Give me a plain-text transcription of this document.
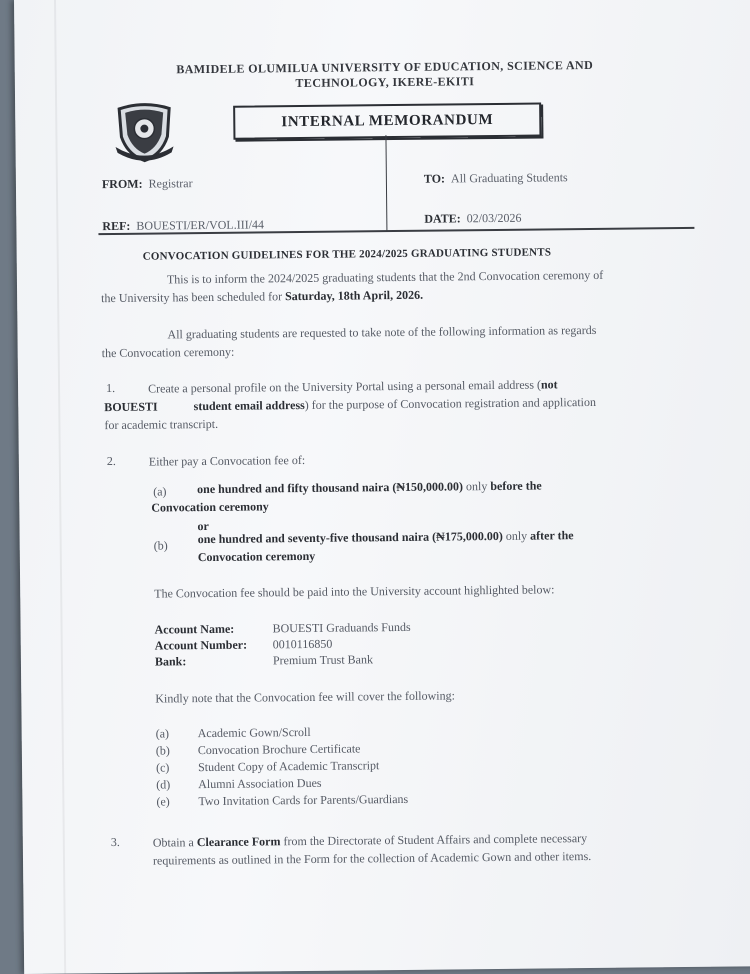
BAMIDELE OLUMILUA UNIVERSITY OF EDUCATION, SCIENCE AND
TECHNOLOGY, IKERE-EKITI
INTERNAL MEMORANDUM
FROM: Registrar	TO: All Graduating Students
REF: BOUESTI/ER/VOL.III/44	DATE: 02/03/2026
CONVOCATION GUIDELINES FOR THE 2024/2025 GRADUATING STUDENTS
This is to inform the 2024/2025 graduating students that the 2nd Convocation ceremony of
the University has been scheduled for Saturday, 18th April, 2026.
All graduating students are requested to take note of the following information as regards
the Convocation ceremony:
1.	Create a personal profile on the University Portal using a personal email address (not
BOUESTI	student email address) for the purpose of Convocation registration and application
for academic transcript.
2.	Either pay a Convocation fee of:
(a)	one hundred and fifty thousand naira (₦150,000.00) only before the
Convocation ceremony
or
(b) one hundred and seventy-five thousand naira (₦175,000.00) only after the
Convocation ceremony
The Convocation fee should be paid into the University account highlighted below:
Account Name:	BOUESTI Graduands Funds
Account Number:	0010116850
Bank:	Premium Trust Bank
Kindly note that the Convocation fee will cover the following:
(a)	Academic Gown/Scroll
(b)	Convocation Brochure Certificate
(c)	Student Copy of Academic Transcript
(d)	Alumni Association Dues
(e)	Two Invitation Cards for Parents/Guardians
3.	Obtain a Clearance Form from the Directorate of Student Affairs and complete necessary
requirements as outlined in the Form for the collection of Academic Gown and other items.
